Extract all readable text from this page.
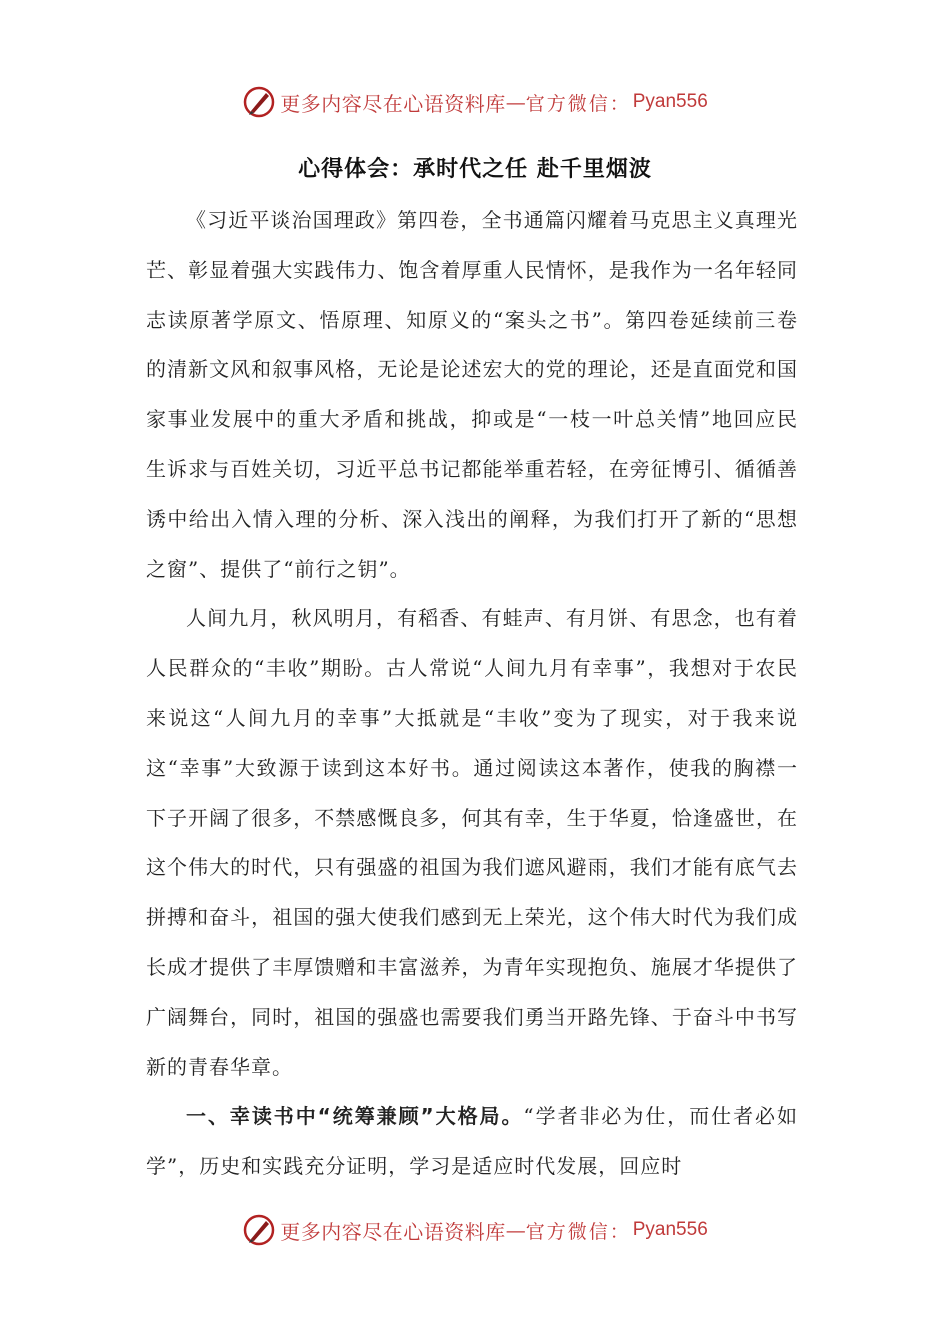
更多内容尽在心语资料库 — 官方微信： Pyan556
心得体会：承时代之任 赴千里烟波

《习近平谈治国理政》第四卷，全书通篇闪耀着马克思主义真理光芒、彰显着强大实践伟力、饱含着厚重人民情怀，是我作为一名年轻同志读原著学原文、悟原理、知原义的“案头之书”。第四卷延续前三卷的清新文风和叙事风格，无论是论述宏大的党的理论，还是直面党和国家事业发展中的重大矛盾和挑战，抑或是“一枝一叶总关情”地回应民生诉求与百姓关切，习近平总书记都能举重若轻，在旁征博引、循循善诱中给出入情入理的分析、深入浅出的阐释，为我们打开了新的“思想之窗”、提供了“前行之钥”。

人间九月，秋风明月，有稻香、有蛙声、有月饼、有思念，也有着人民群众的“丰收”期盼。古人常说“人间九月有幸事”，我想对于农民来说这“人间九月的幸事”大抵就是“丰收”变为了现实，对于我来说这“幸事”大致源于读到这本好书。通过阅读这本著作，使我的胸襟一下子开阔了很多，不禁感慨良多，何其有幸，生于华夏，恰逢盛世，在这个伟大的时代，只有强盛的祖国为我们遮风避雨，我们才能有底气去拼搏和奋斗，祖国的强大使我们感到无上荣光，这个伟大时代为我们成长成才提供了丰厚馈赠和丰富滋养，为青年实现抱负、施展才华提供了广阔舞台，同时，祖国的强盛也需要我们勇当开路先锋、于奋斗中书写新的青春华章。

一、幸读书中“统筹兼顾”大格局。“学者非必为仕，而仕者必如学”，历史和实践充分证明，学习是适应时代发展，回应时

更多内容尽在心语资料库 — 官方微信： Pyan556
